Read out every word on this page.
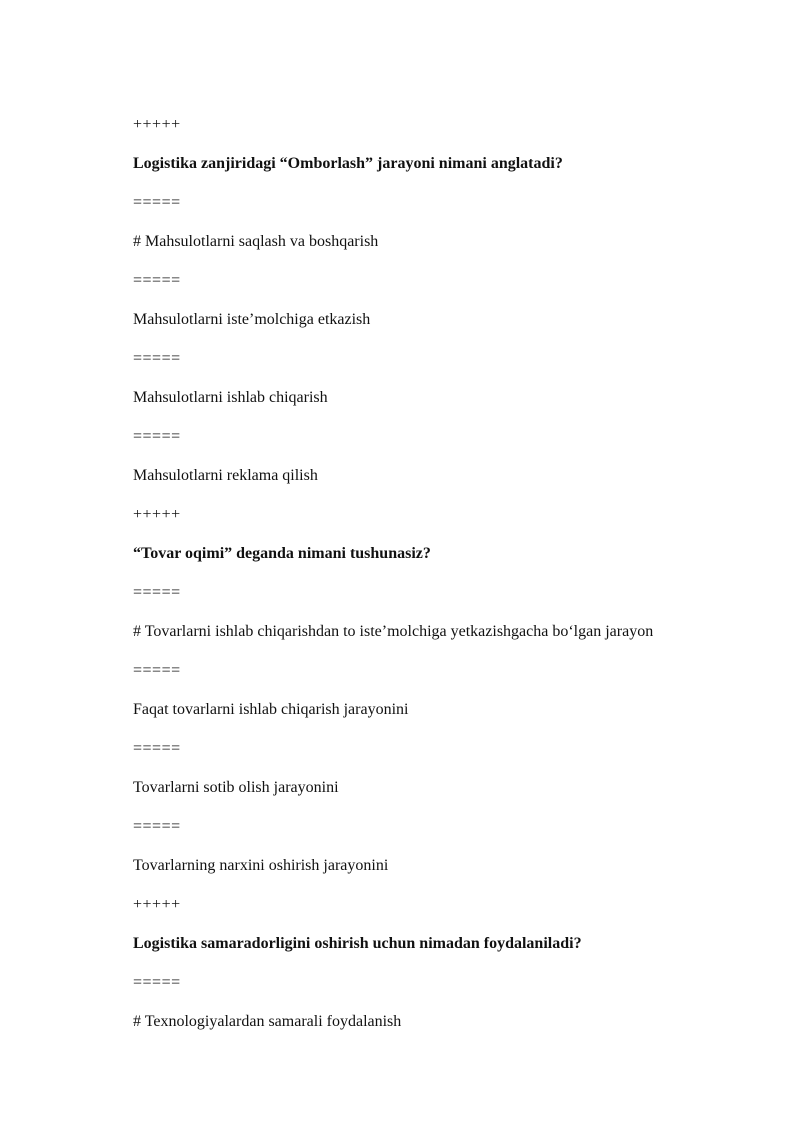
+++++
Logistika zanjiridagi “Omborlash” jarayoni nimani anglatadi?
=====
# Mahsulotlarni saqlash va boshqarish
=====
Mahsulotlarni iste’molchiga etkazish
=====
Mahsulotlarni ishlab chiqarish
=====
Mahsulotlarni reklama qilish
+++++
“Tovar oqimi” deganda nimani tushunasiz?
=====
# Tovarlarni ishlab chiqarishdan to iste’molchiga yetkazishgacha bo‘lgan jarayon
=====
Faqat tovarlarni ishlab chiqarish jarayonini
=====
Tovarlarni sotib olish jarayonini
=====
Tovarlarning narxini oshirish jarayonini
+++++
Logistika samaradorligini oshirish uchun nimadan foydalaniladi?
=====
# Texnologiyalardan samarali foydalanish
